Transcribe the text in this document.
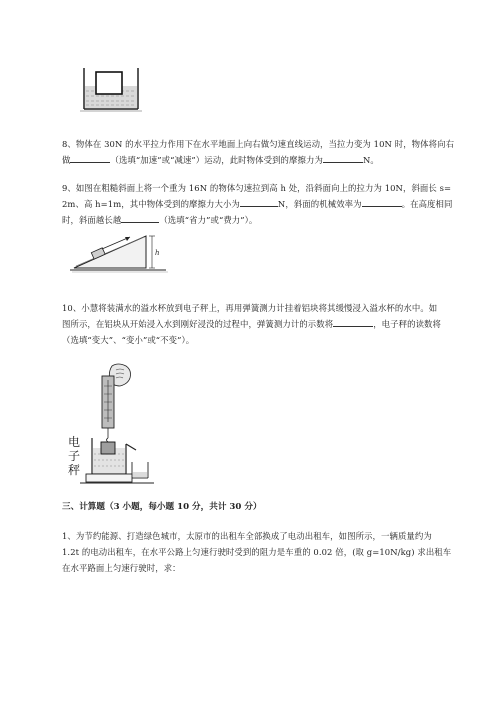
8、物体在 30N 的水平拉力作用下在水平地面上向右做匀速直线运动，当拉力变为 10N 时，物体将向右
做	（选填“加速”或“减速”）运动，此时物体受到的摩擦力为	N。
9、如图在粗糙斜面上将一个重为 16N 的物体匀速拉到高 h 处，沿斜面向上的拉力为 10N，斜面长 s=
2m、高 h=1m，其中物体受到的摩擦力大小为	N，斜面的机械效率为	。在高度相同
时，斜面越长越	（选填“省力”或“费力”）。
h
10、小慧将装满水的溢水杯放到电子秤上，再用弹簧测力计挂着铝块将其缓慢浸入溢水杯的水中。如
图所示，在铝块从开始浸入水到刚好浸没的过程中，弹簧测力计的示数将	，电子秤的读数将
（选填“变大”、“变小”或“不变”）。
电
子
秤
三、计算题（3 小题，每小题 10 分，共计 30 分）
1、为节约能源、打造绿色城市，太原市的出租车全部换成了电动出租车，如图所示，一辆质量约为
1.2t 的电动出租车，在水平公路上匀速行驶时受到的阻力是车重的 0.02 倍，(取 g=10N/kg) 求出租车
在水平路面上匀速行驶时，求：
